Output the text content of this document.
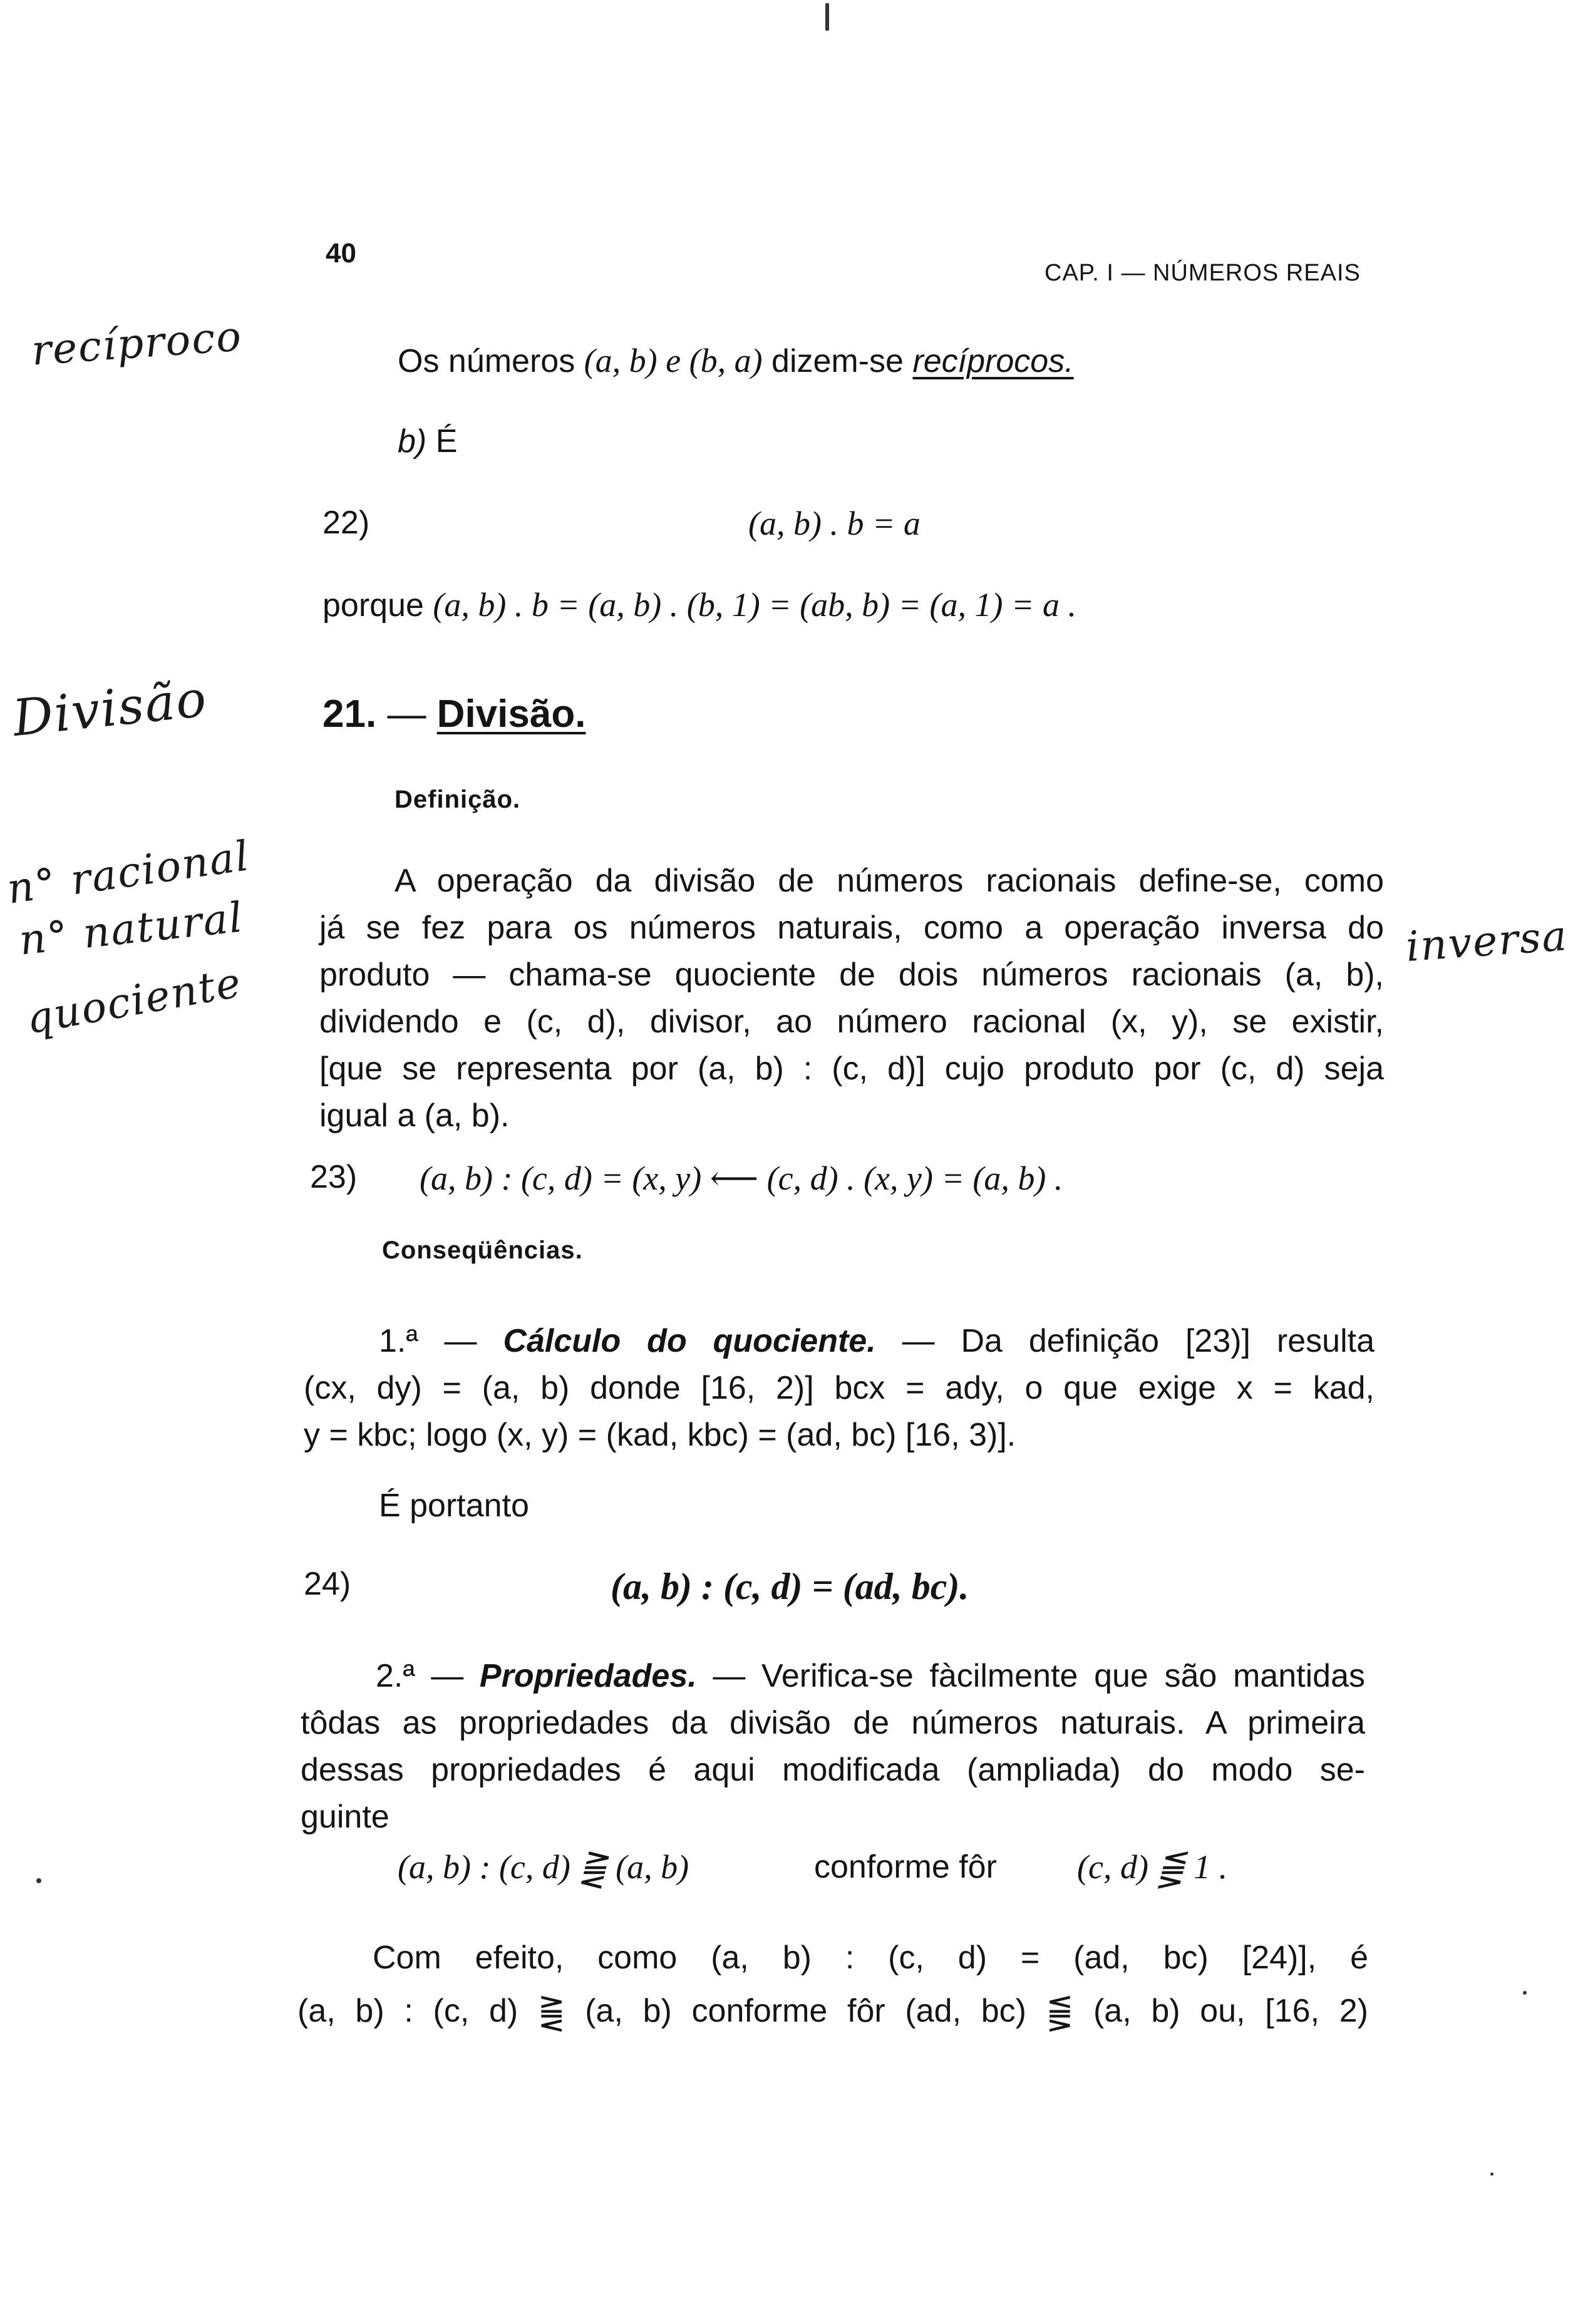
40
CAP. I — NÚMEROS REAIS
recíproco
Divisão
n° racional
n° natural
quociente
inversa
Os números (a, b) e (b, a) dizem-se recíprocos.
b) É
22)	(a, b) . b = a
porque (a, b) . b = (a, b) . (b, 1) = (ab, b) = (a, 1) = a .
21. — Divisão.
Definição.
A operação da divisão de números racionais define-se, como
já se fez para os números naturais, como a operação inversa do
produto — chama-se quociente de dois números racionais (a, b),
dividendo e (c, d), divisor, ao número racional (x, y), se existir,
[que se representa por (a, b) : (c, d)] cujo produto por (c, d) seja
igual a (a, b).
23) (a, b) : (c, d) = (x, y) ⟵ (c, d) . (x, y) = (a, b) .
Conseqüências.
1.ª — Cálculo do quociente. — Da definição [23)] resulta
(cx, dy) = (a, b) donde [16, 2)] bcx = ady, o que exige x = kad,
y = kbc; logo (x, y) = (kad, kbc) = (ad, bc) [16, 3)].
É portanto
24)	(a, b) : (c, d) = (ad, bc).
2.ª — Propriedades. — Verifica-se fàcilmente que são mantidas
tôdas as propriedades da divisão de números naturais. A primeira
dessas propriedades é aqui modificada (ampliada) do modo se-
guinte
(a, b) : (c, d) ⪌ (a, b)	conforme fôr (c, d) ⪋ 1 .
Com efeito, como (a, b) : (c, d) = (ad, bc) [24)], é
(a, b) : (c, d) ⪌ (a, b) conforme fôr (ad, bc) ⪋ (a, b) ou, [16, 2)
